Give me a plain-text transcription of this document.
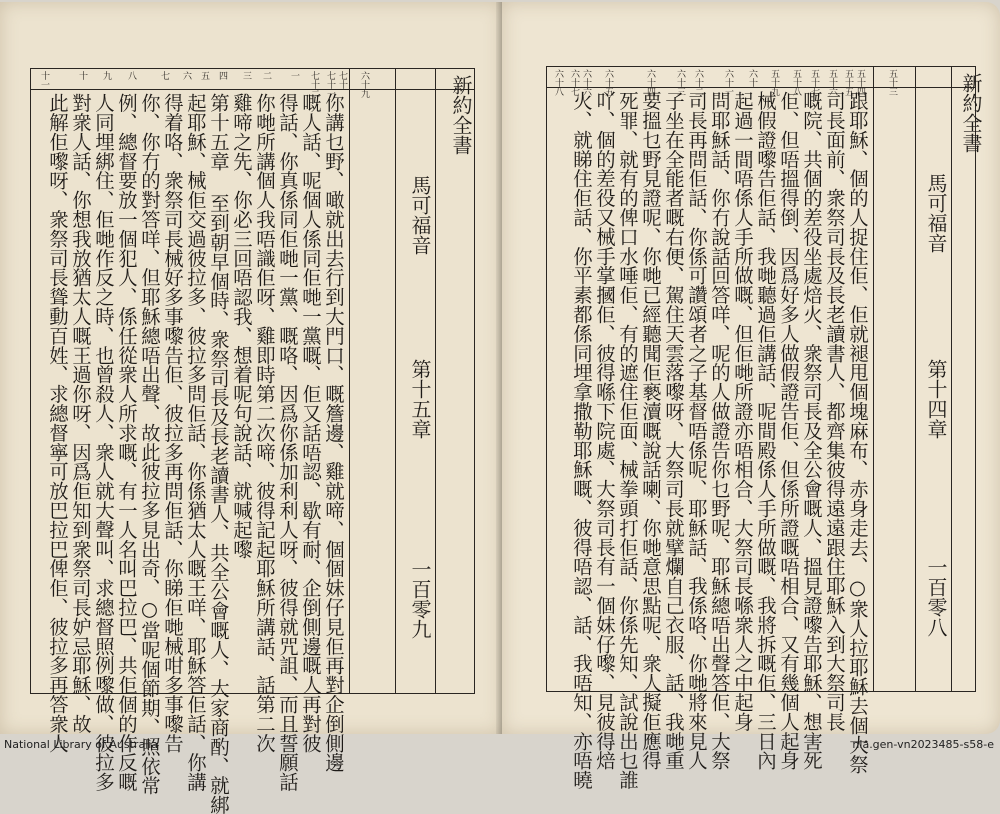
十一	十 九 八	七 六 五 四 三 二 一 七十二 七十一 七十 六十九
你講乜野、噉就出去行到大門口、嘅簷邊、雞就啼、個個妹仔見佢再對企倒側邊
嘅人話、呢個人係同佢哋一黨嘅、佢又話唔認、歇有耐、企倒側邊嘅人再對彼
得話、你真係同佢哋一黨、嘅咯、因爲你係加利利人呀、彼得就咒詛、而且誓願話
你哋所講個人我唔識佢呀、雞即時第二次啼、彼得記起耶穌所講話、話第二次
雞啼之先、你必三回唔認我、想着呢句說話、就喊起嚟
第十五章 至到朝早個時、衆祭司長及長老讀書人、共全公會嘅人、大家商酌、就綁
起耶穌、械佢交過彼拉多、彼拉多問佢話、你係猶太人嘅王咩、耶穌答佢話、你講
得着咯、衆祭司長械好多事嚟告佢、彼拉多再問佢話、你睇佢哋械咁多事嚟告
你、你冇的對答咩、但耶穌總唔出聲、故此彼拉多見出奇、○當呢個節期、照依常
例、總督要放一個犯人、係任從衆人所求嘅、有一人名叫巴拉巴、共佢個的作反嘅
人同埋綁住、佢哋作反之時、也曾殺人、衆人就大聲叫、求總督照例嚟做、彼拉多
對衆人話、你想我放猶太人嘅王過你呀、因爲佢知到衆祭司長妒忌耶穌、故
此解佢嚟呀、衆祭司長聳動百姓、求總督寧可放巴拉巴俾佢、彼拉多再答衆人	新約全書
馬可福音
第十五章
一百零九
六十八 六十七 六十六 六十五	六十四 六十三 六十二 六十一 六十 五十九 五十八 五十七 五十六 五十五 五十四 五十三
跟耶穌、個的人捉住佢、佢就褪甩個塊麻布、赤身走去、○衆人拉耶穌去個大祭
司長面前、衆祭司長及長老讀書人、都齊集彼得遠遠跟住耶穌入到大祭司長
嘅院、共個的差役坐處焙火、衆祭司長及全公會嘅人、搵見證嚟告耶穌、想害死
佢、但唔搵得倒、因爲好多人做假證告佢、但係所證嘅唔相合、又有幾個人起身
械假證嚟告佢話、我哋聽過佢講話、呢間殿係人手所做嘅、我將拆嘅佢、三日內
起過一間唔係人手所做嘅、但佢哋所證亦唔相合、大祭司長喺衆人之中起身
問耶穌話、你冇說話回答咩、呢的人做證告你乜野呢、耶穌總唔出聲答佢、大祭
司長再問佢話、你係可讚頌者之子基督唔係呢、耶穌話、我係咯、你哋將來見人
子坐在全能者嘅右便、駕住天雲落嚟呀、大祭司長就擘爛自己衣服、話、我哋重
要搵乜野見證呢、你哋已經聽聞佢褻瀆嘅說話喇、你哋意思點呢、衆人擬佢應得
死罪、就有的俾口水唾佢、有的遮住佢面、械拳頭打佢話、你係先知、試說出乜誰
吖、個的差役又械手掌摑佢、彼得喺下院處、大祭司長有一個妹仔嚟、見彼得焙
火、就睇住佢話、你平素都係同埋拿撒勒耶穌嘅、彼得唔認、話、我唔知、亦唔曉	新約全書
馬可福音
第十四章
一百零八
National Library of Australia	nla.gen-vn2023485-s58-e
